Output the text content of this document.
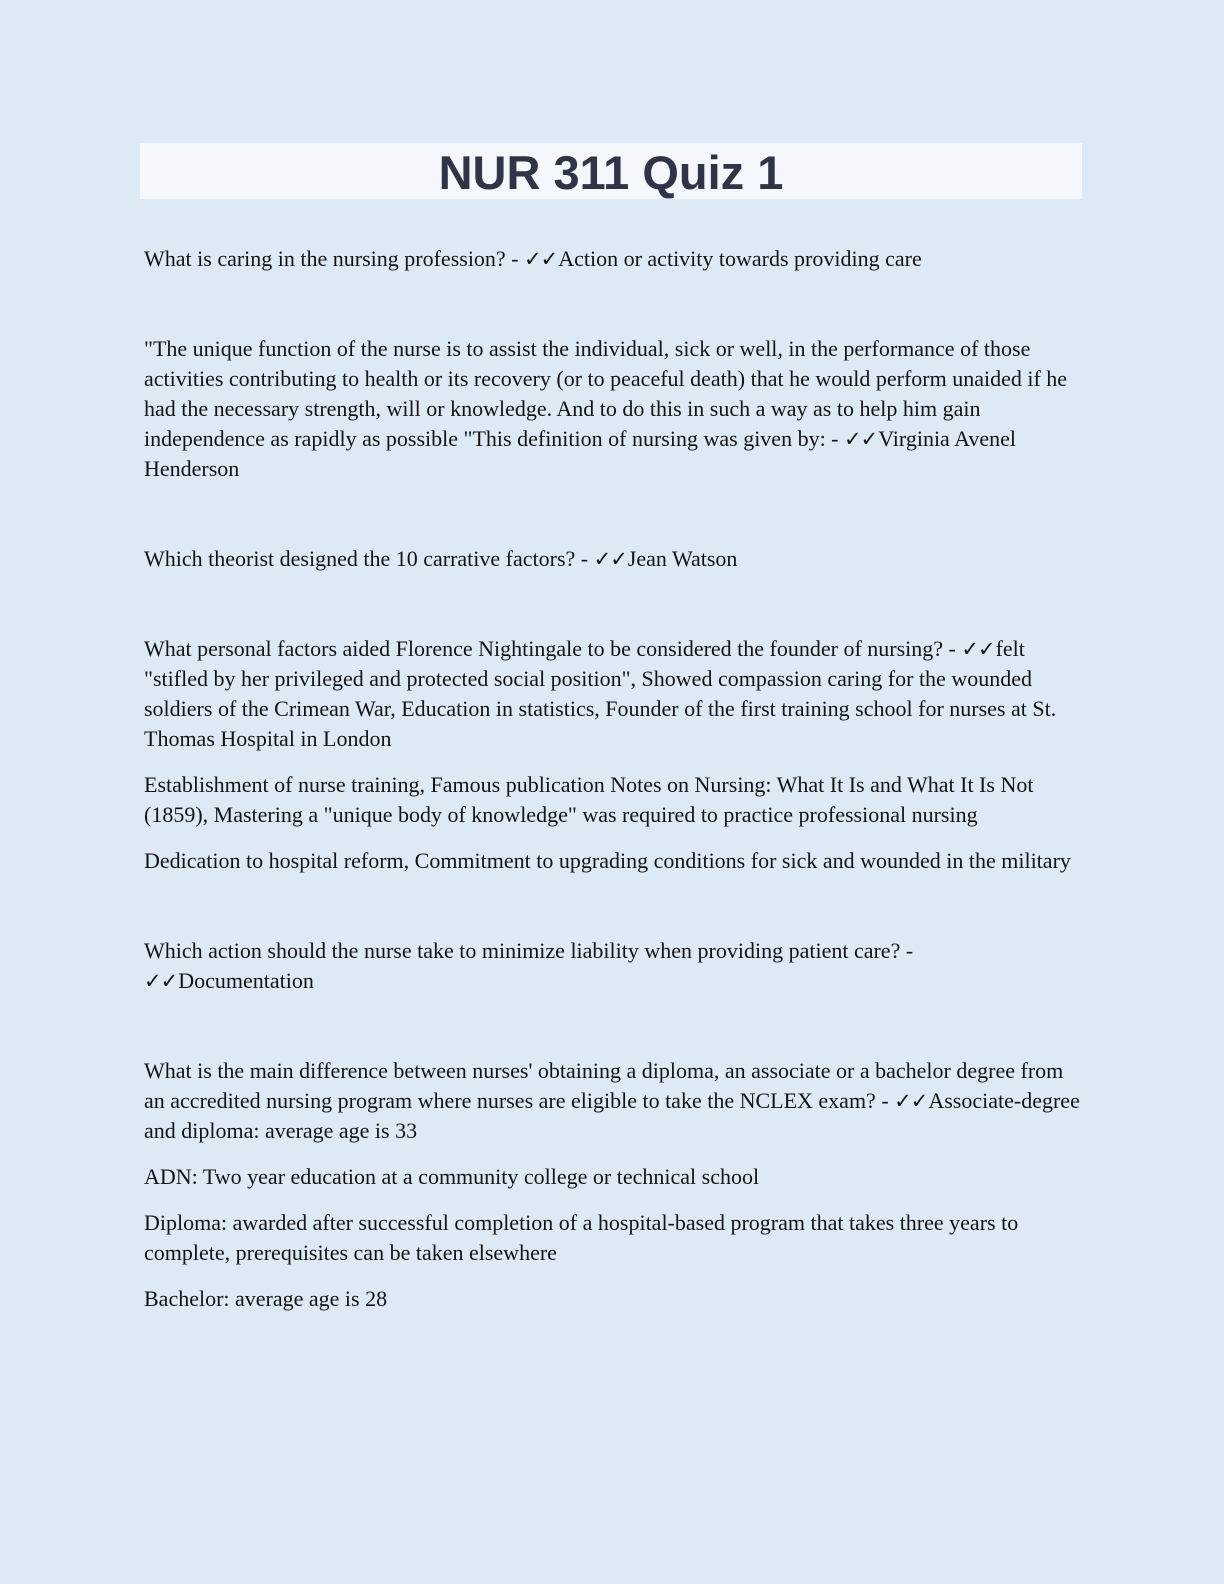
NUR 311 Quiz 1

What is caring in the nursing profession? - ✓✓Action or activity towards providing care

"The unique function of the nurse is to assist the individual, sick or well, in the performance of those activities contributing to health or its recovery (or to peaceful death) that he would perform unaided if he had the necessary strength, will or knowledge. And to do this in such a way as to help him gain independence as rapidly as possible "This definition of nursing was given by: - ✓✓Virginia Avenel Henderson

Which theorist designed the 10 carrative factors? - ✓✓Jean Watson

What personal factors aided Florence Nightingale to be considered the founder of nursing? - ✓✓felt "stifled by her privileged and protected social position", Showed compassion caring for the wounded soldiers of the Crimean War, Education in statistics, Founder of the first training school for nurses at St. Thomas Hospital in London

Establishment of nurse training, Famous publication Notes on Nursing: What It Is and What It Is Not (1859), Mastering a "unique body of knowledge" was required to practice professional nursing

Dedication to hospital reform, Commitment to upgrading conditions for sick and wounded in the military

Which action should the nurse take to minimize liability when providing patient care? - ✓✓Documentation

What is the main difference between nurses' obtaining a diploma, an associate or a bachelor degree from an accredited nursing program where nurses are eligible to take the NCLEX exam? - ✓✓Associate-degree and diploma: average age is 33

ADN: Two year education at a community college or technical school

Diploma: awarded after successful completion of a hospital-based program that takes three years to complete, prerequisites can be taken elsewhere

Bachelor: average age is 28
